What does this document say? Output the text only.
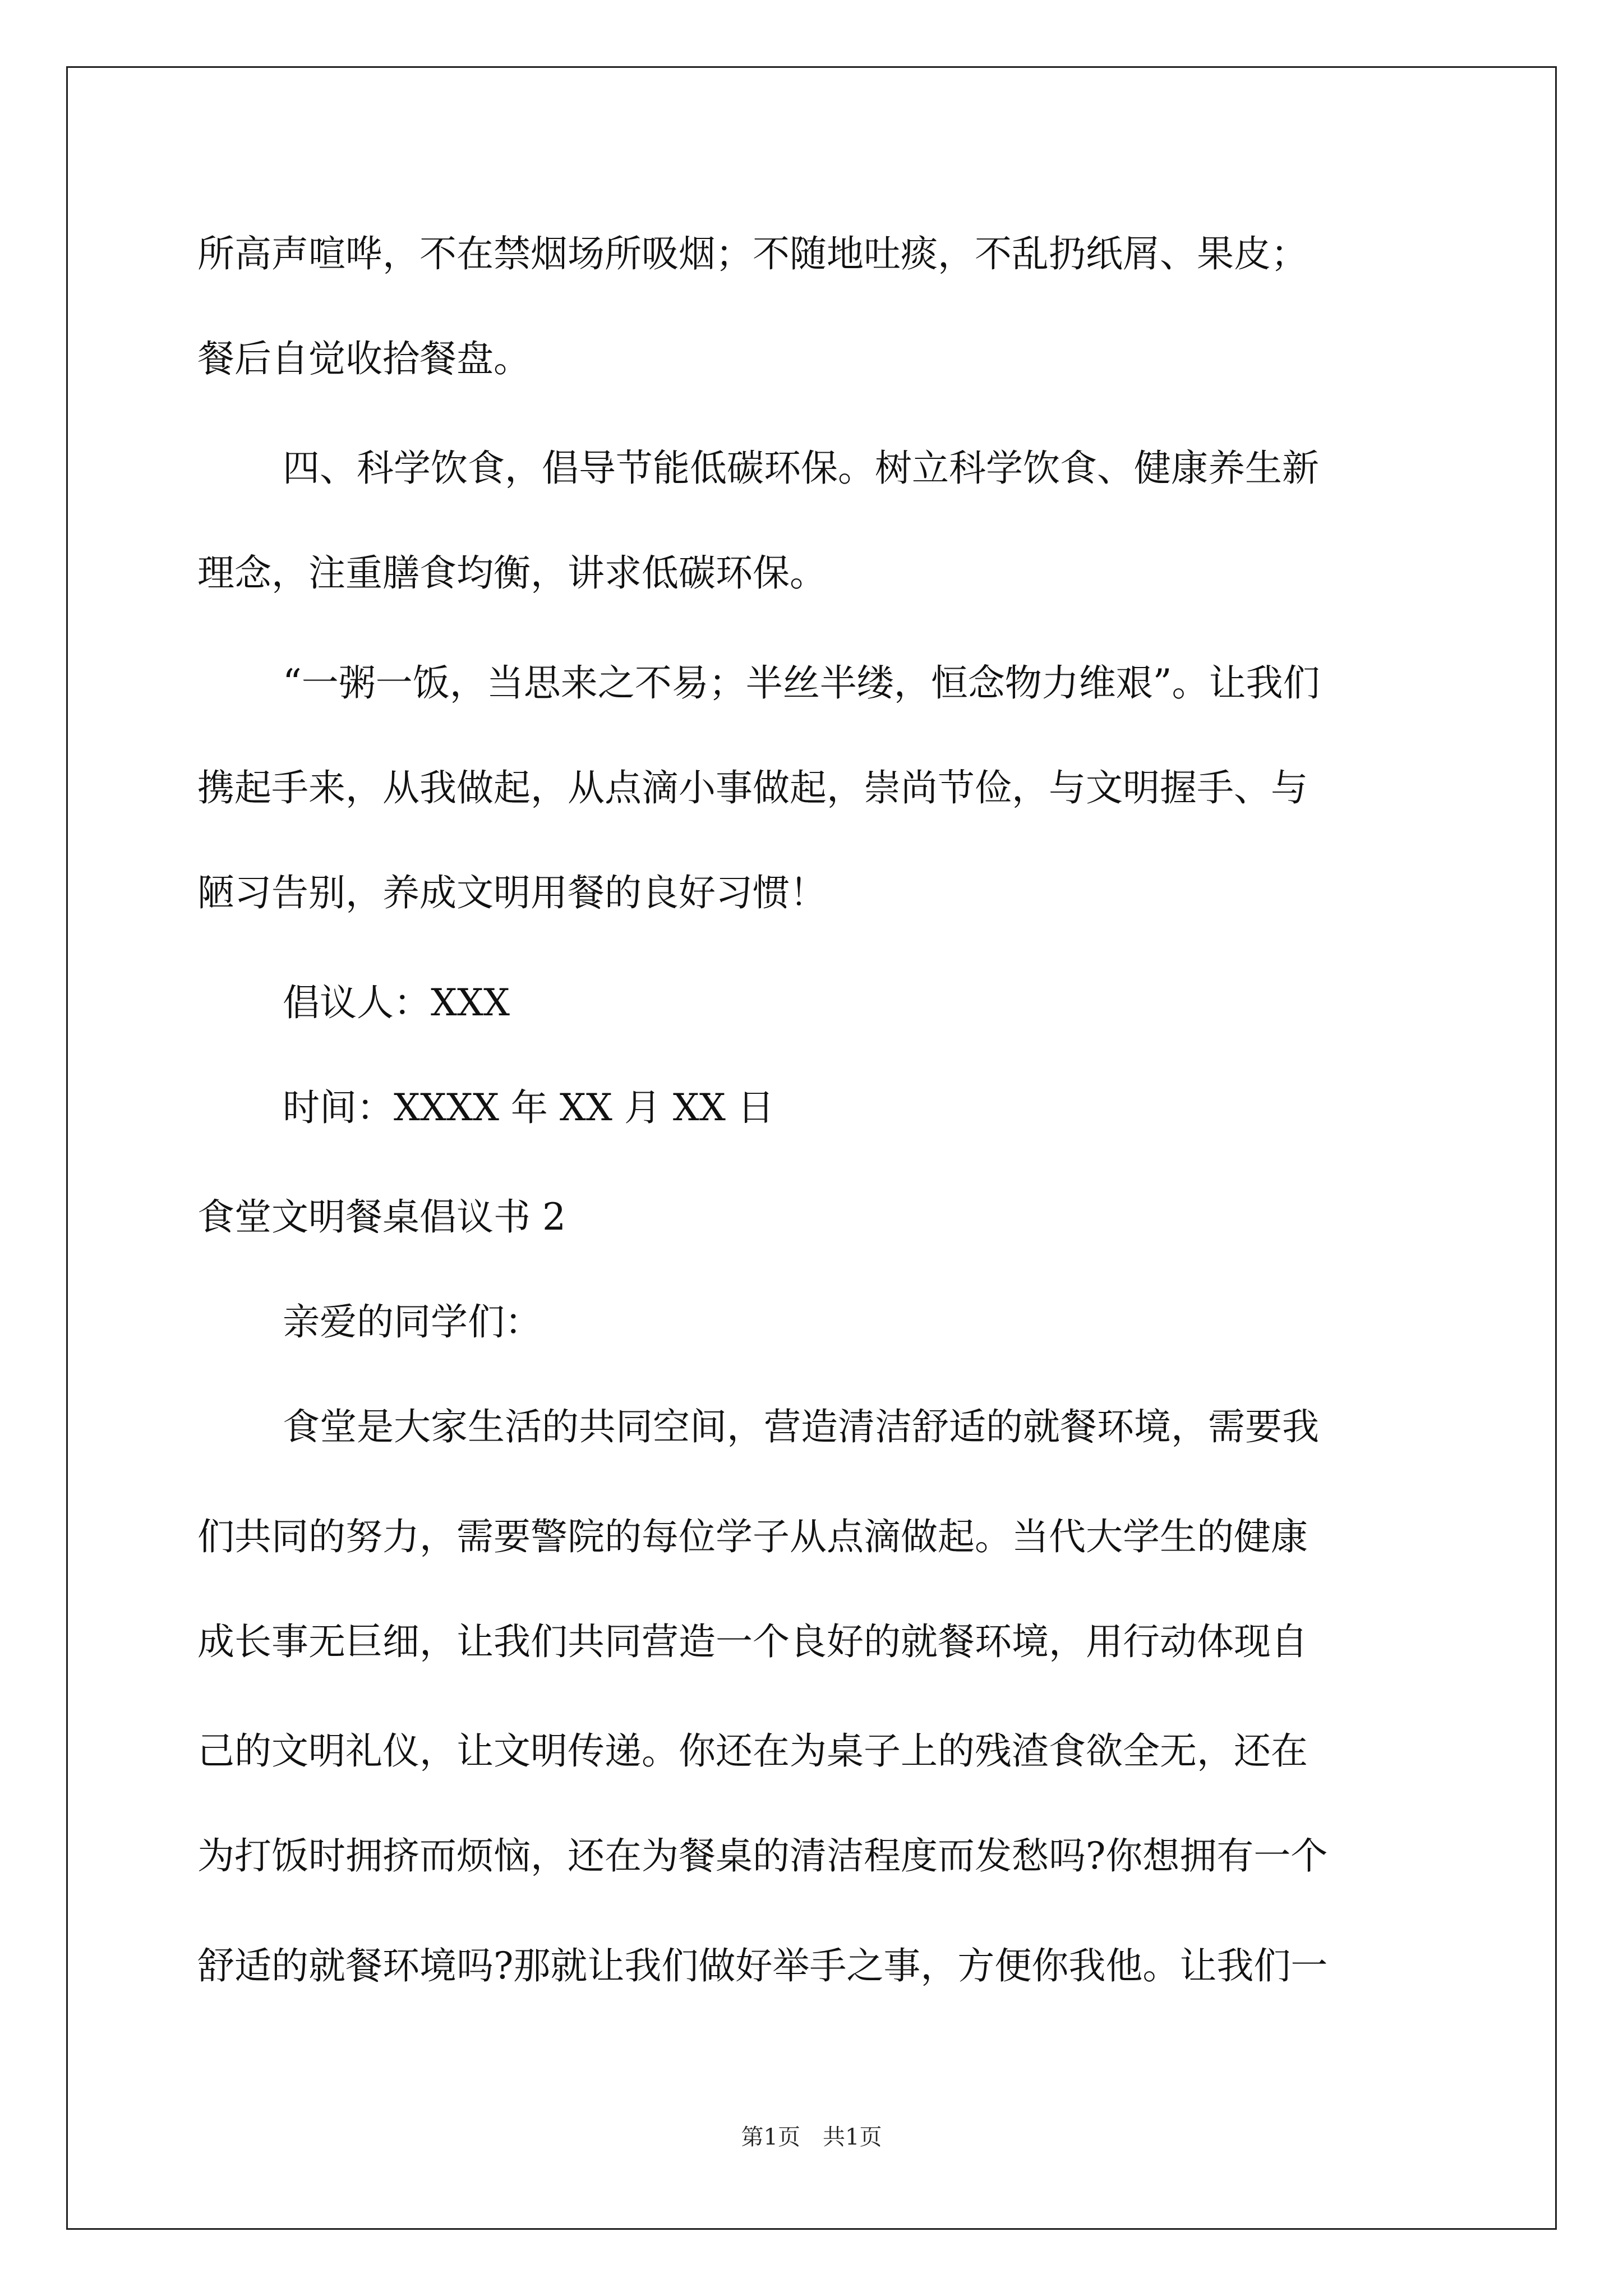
所高声喧哗，不在禁烟场所吸烟；不随地吐痰，不乱扔纸屑、果皮；
餐后自觉收拾餐盘。
四、科学饮食，倡导节能低碳环保。树立科学饮食、健康养生新
理念，注重膳食均衡，讲求低碳环保。
“一粥一饭，当思来之不易；半丝半缕，恒念物力维艰”。让我们
携起手来，从我做起，从点滴小事做起，崇尚节俭，与文明握手、与
陋习告别，养成文明用餐的良好习惯！
倡议人：XXX
时间：XXXX 年 XX 月 XX 日
食堂文明餐桌倡议书 2
亲爱的同学们：
食堂是大家生活的共同空间，营造清洁舒适的就餐环境，需要我
们共同的努力，需要警院的每位学子从点滴做起。当代大学生的健康
成长事无巨细，让我们共同营造一个良好的就餐环境，用行动体现自
己的文明礼仪，让文明传递。你还在为桌子上的残渣食欲全无，还在
为打饭时拥挤而烦恼，还在为餐桌的清洁程度而发愁吗?你想拥有一个
舒适的就餐环境吗?那就让我们做好举手之事，方便你我他。让我们一
第1页　共1页
